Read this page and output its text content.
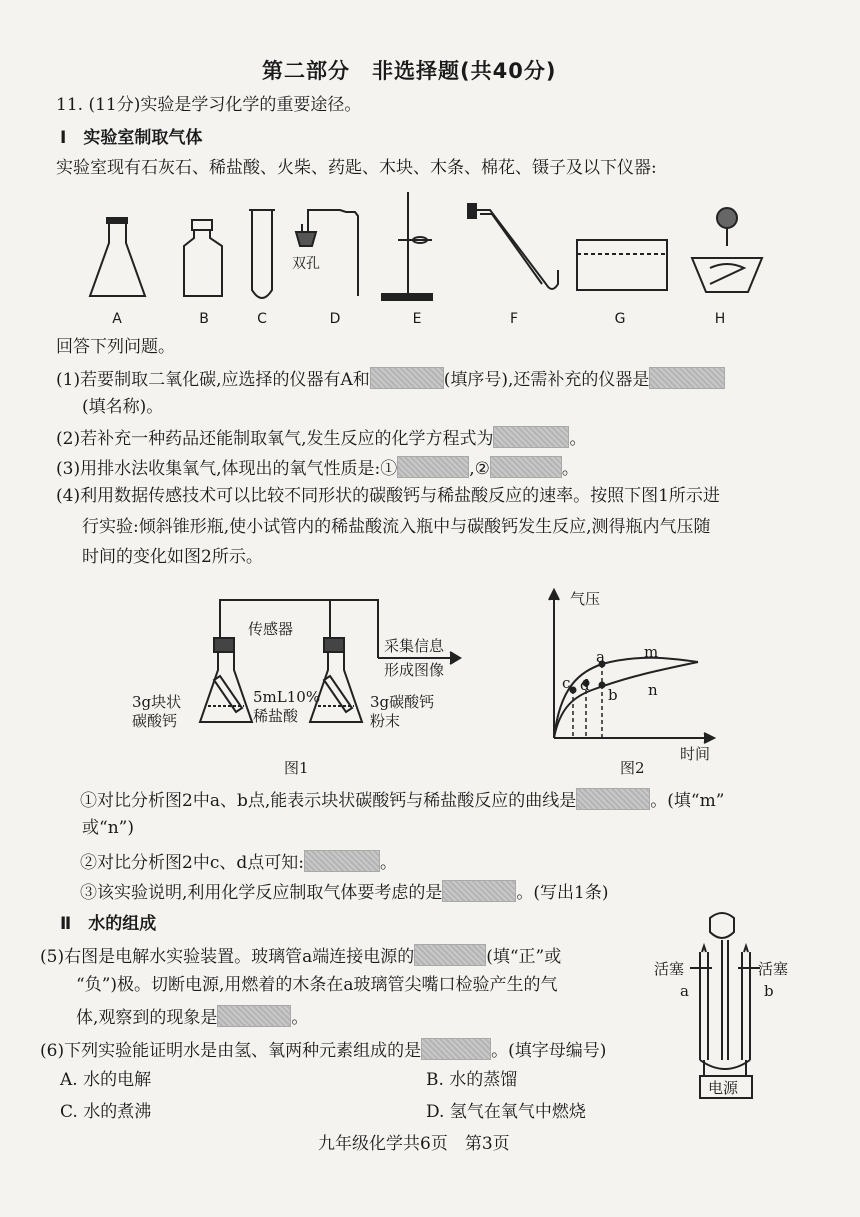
第二部分　非选择题(共40分)
11. (11分)实验是学习化学的重要途径。
Ⅰ　实验室制取气体
实验室现有石灰石、稀盐酸、火柴、药匙、木块、木条、棉花、镊子及以下仪器:
A	B	C	D	E	F	G	H
双孔
回答下列问题。
(1)若要制取二氧化碳,应选择的仪器有A和	(填序号),还需补充的仪器是
(填名称)。
(2)若补充一种药品还能制取氧气,发生反应的化学方程式为	。
(3)用排水法收集氧气,体现出的氧气性质是:①	,②	。
(4)利用数据传感技术可以比较不同形状的碳酸钙与稀盐酸反应的速率。按照下图1所示进
行实验:倾斜锥形瓶,使小试管内的稀盐酸流入瓶中与碳酸钙发生反应,测得瓶内气压随
时间的变化如图2所示。
传感器
采集信息
形成图像
3g块状
碳酸钙
5mL10%
稀盐酸
3g碳酸钙
粉末
图1
气压
时间
a
b
c d
m
n
图2
①对比分析图2中a、b点,能表示块状碳酸钙与稀盐酸反应的曲线是	。(填“m”
或“n”)
②对比分析图2中c、d点可知:	。
③该实验说明,利用化学反应制取气体要考虑的是	。(写出1条)
Ⅱ　水的组成
(5)右图是电解水实验装置。玻璃管a端连接电源的	(填“正”或
“负”)极。切断电源,用燃着的木条在a玻璃管尖嘴口检验产生的气
体,观察到的现象是	。
(6)下列实验能证明水是由氢、氧两种元素组成的是	。(填字母编号)
A. 水的电解	B. 水的蒸馏
C. 水的煮沸	D. 氢气在氧气中燃烧
活塞	活塞
a	b
电源
九年级化学共6页　第3页
